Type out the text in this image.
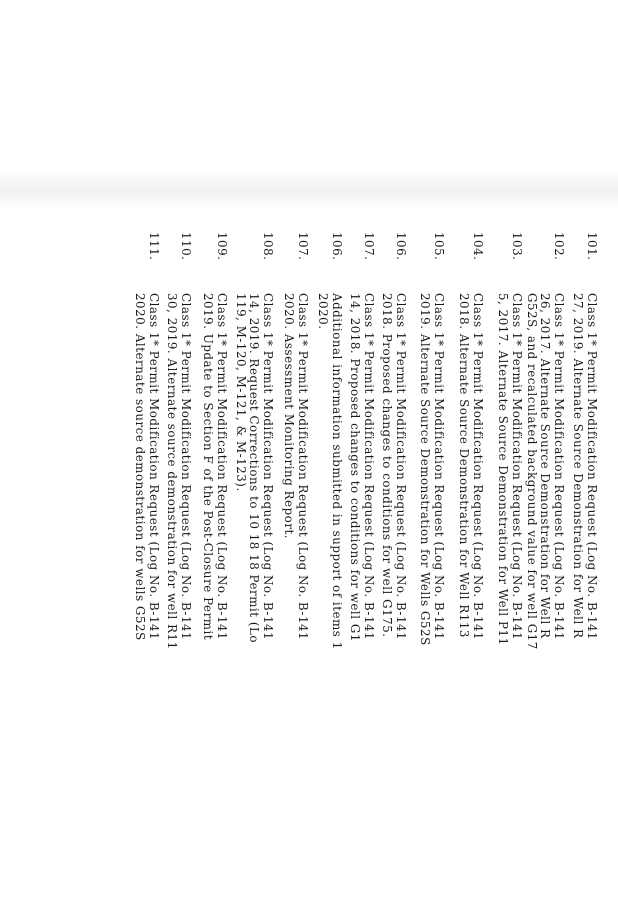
101.
Class 1* Permit Modification Request (Log No. B-141
27, 2019. Alternate Source Demonstration for Well R
102.
Class 1* Permit Modification Request (Log No. B-141
26, 2017. Alternate Source Demonstration for Well R
G52S, and recalculated background value for well G17
103.
Class 1* Permit Modification Request (Log No. B-141
5, 2017. Alternate Source Demonstration for Well P11
104.
Class 1* Permit Modification Request (Log No. B-141
2018. Alternate Source Demonstration for Well R113
105.
Class 1* Permit Modification Request (Log No. B-141
2019. Alternate Source Demonstration for Wells G52S
106.
Class 1* Permit Modification Request (Log No. B-141
2018. Proposed changes to conditions for well G175.
107.
Class 1* Permit Modification Request (Log No. B-141
14, 2018. Proposed changes to conditions for well G1
106.
Additional information submitted in support of items 1
2020.
107.
Class 1* Permit Modification Request (Log No. B-141
2020. Assessment Monitoring Report.
108.
Class 1* Permit Modification Request (Log No. B-141
14, 2019. Request Corrections to 10 18 18 Permit (Lo
119, M-120, M-121, & M-123).
109.
Class 1* Permit Modification Request (Log No. B-141
2019. Update to Section F of the Post-Closure Permit
110.
Class 1* Permit Modification Request (Log No. B-141
30, 2019. Alternate source demonstration for well R11
111.
Class 1* Permit Modification Request (Log No. B-141
2020. Alternate source demonstration for wells G52S
